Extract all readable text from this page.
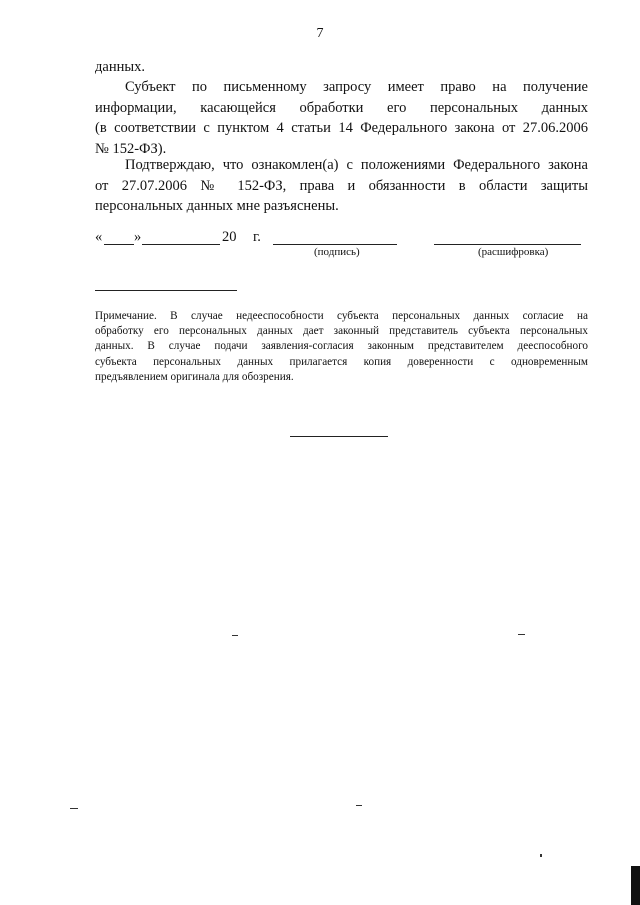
7

данных.

Субъект по письменному запросу имеет право на получение
информации, касающейся обработки его персональных данных
(в соответствии с пунктом 4 статьи 14 Федерального закона от 27.06.2006
№ 152-ФЗ).

Подтверждаю, что ознакомлен(а) с положениями Федерального закона
от 27.07.2006 № 152-ФЗ, права и обязанности в области защиты
персональных данных мне разъяснены.

« »	20 г.
(подпись)	(расшифровка)

Примечание. В случае недееспособности субъекта персональных данных согласие на
обработку его персональных данных дает законный представитель субъекта персональных
данных. В случае подачи заявления-согласия законным представителем дееспособного
субъекта персональных данных прилагается копия доверенности с одновременным
предъявлением оригинала для обозрения.
